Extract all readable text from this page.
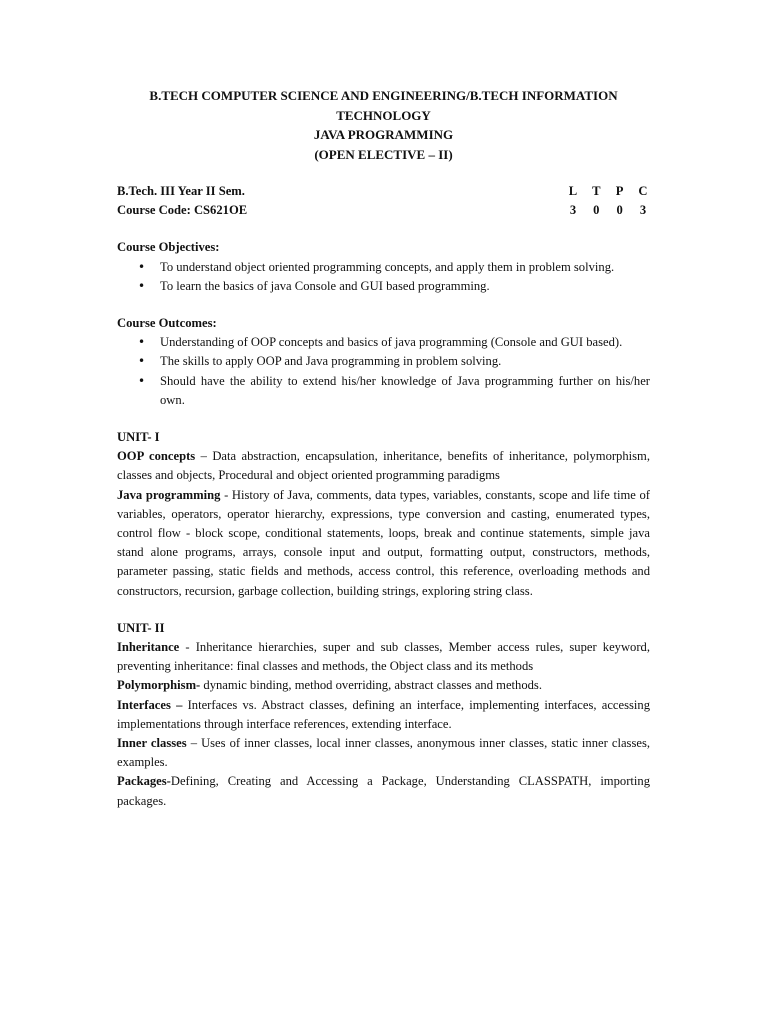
B.TECH COMPUTER SCIENCE AND ENGINEERING/B.TECH INFORMATION
TECHNOLOGY
JAVA PROGRAMMING
(OPEN ELECTIVE – II)
B.Tech. III Year II Sem.	L T P C
Course Code: CS621OE	3	0	0	3
Course Objectives:
• To understand object oriented programming concepts, and apply them in problem solving.
• To learn the basics of java Console and GUI based programming.
Course Outcomes:
• Understanding of OOP concepts and basics of java programming (Console and GUI based).
• The skills to apply OOP and Java programming in problem solving.
• Should have the ability to extend his/her knowledge of Java programming further on his/her own.
UNIT- I

OOP concepts – Data abstraction, encapsulation, inheritance, benefits of inheritance, polymorphism, classes and objects, Procedural and object oriented programming paradigms

Java programming - History of Java, comments, data types, variables, constants, scope and life time of variables, operators, operator hierarchy, expressions, type conversion and casting, enumerated types, control flow - block scope, conditional statements, loops, break and continue statements, simple java stand alone programs, arrays, console input and output, formatting output, constructors, methods, parameter passing, static fields and methods, access control, this reference, overloading methods and constructors, recursion, garbage collection, building strings, exploring string class.

UNIT- II

Inheritance - Inheritance hierarchies, super and sub classes, Member access rules, super keyword, preventing inheritance: final classes and methods, the Object class and its methods

Polymorphism- dynamic binding, method overriding, abstract classes and methods.

Interfaces – Interfaces vs. Abstract classes, defining an interface, implementing interfaces, accessing implementations through interface references, extending interface.

Inner classes – Uses of inner classes, local inner classes, anonymous inner classes, static inner classes, examples.

Packages-Defining, Creating and Accessing a Package, Understanding CLASSPATH, importing packages.
